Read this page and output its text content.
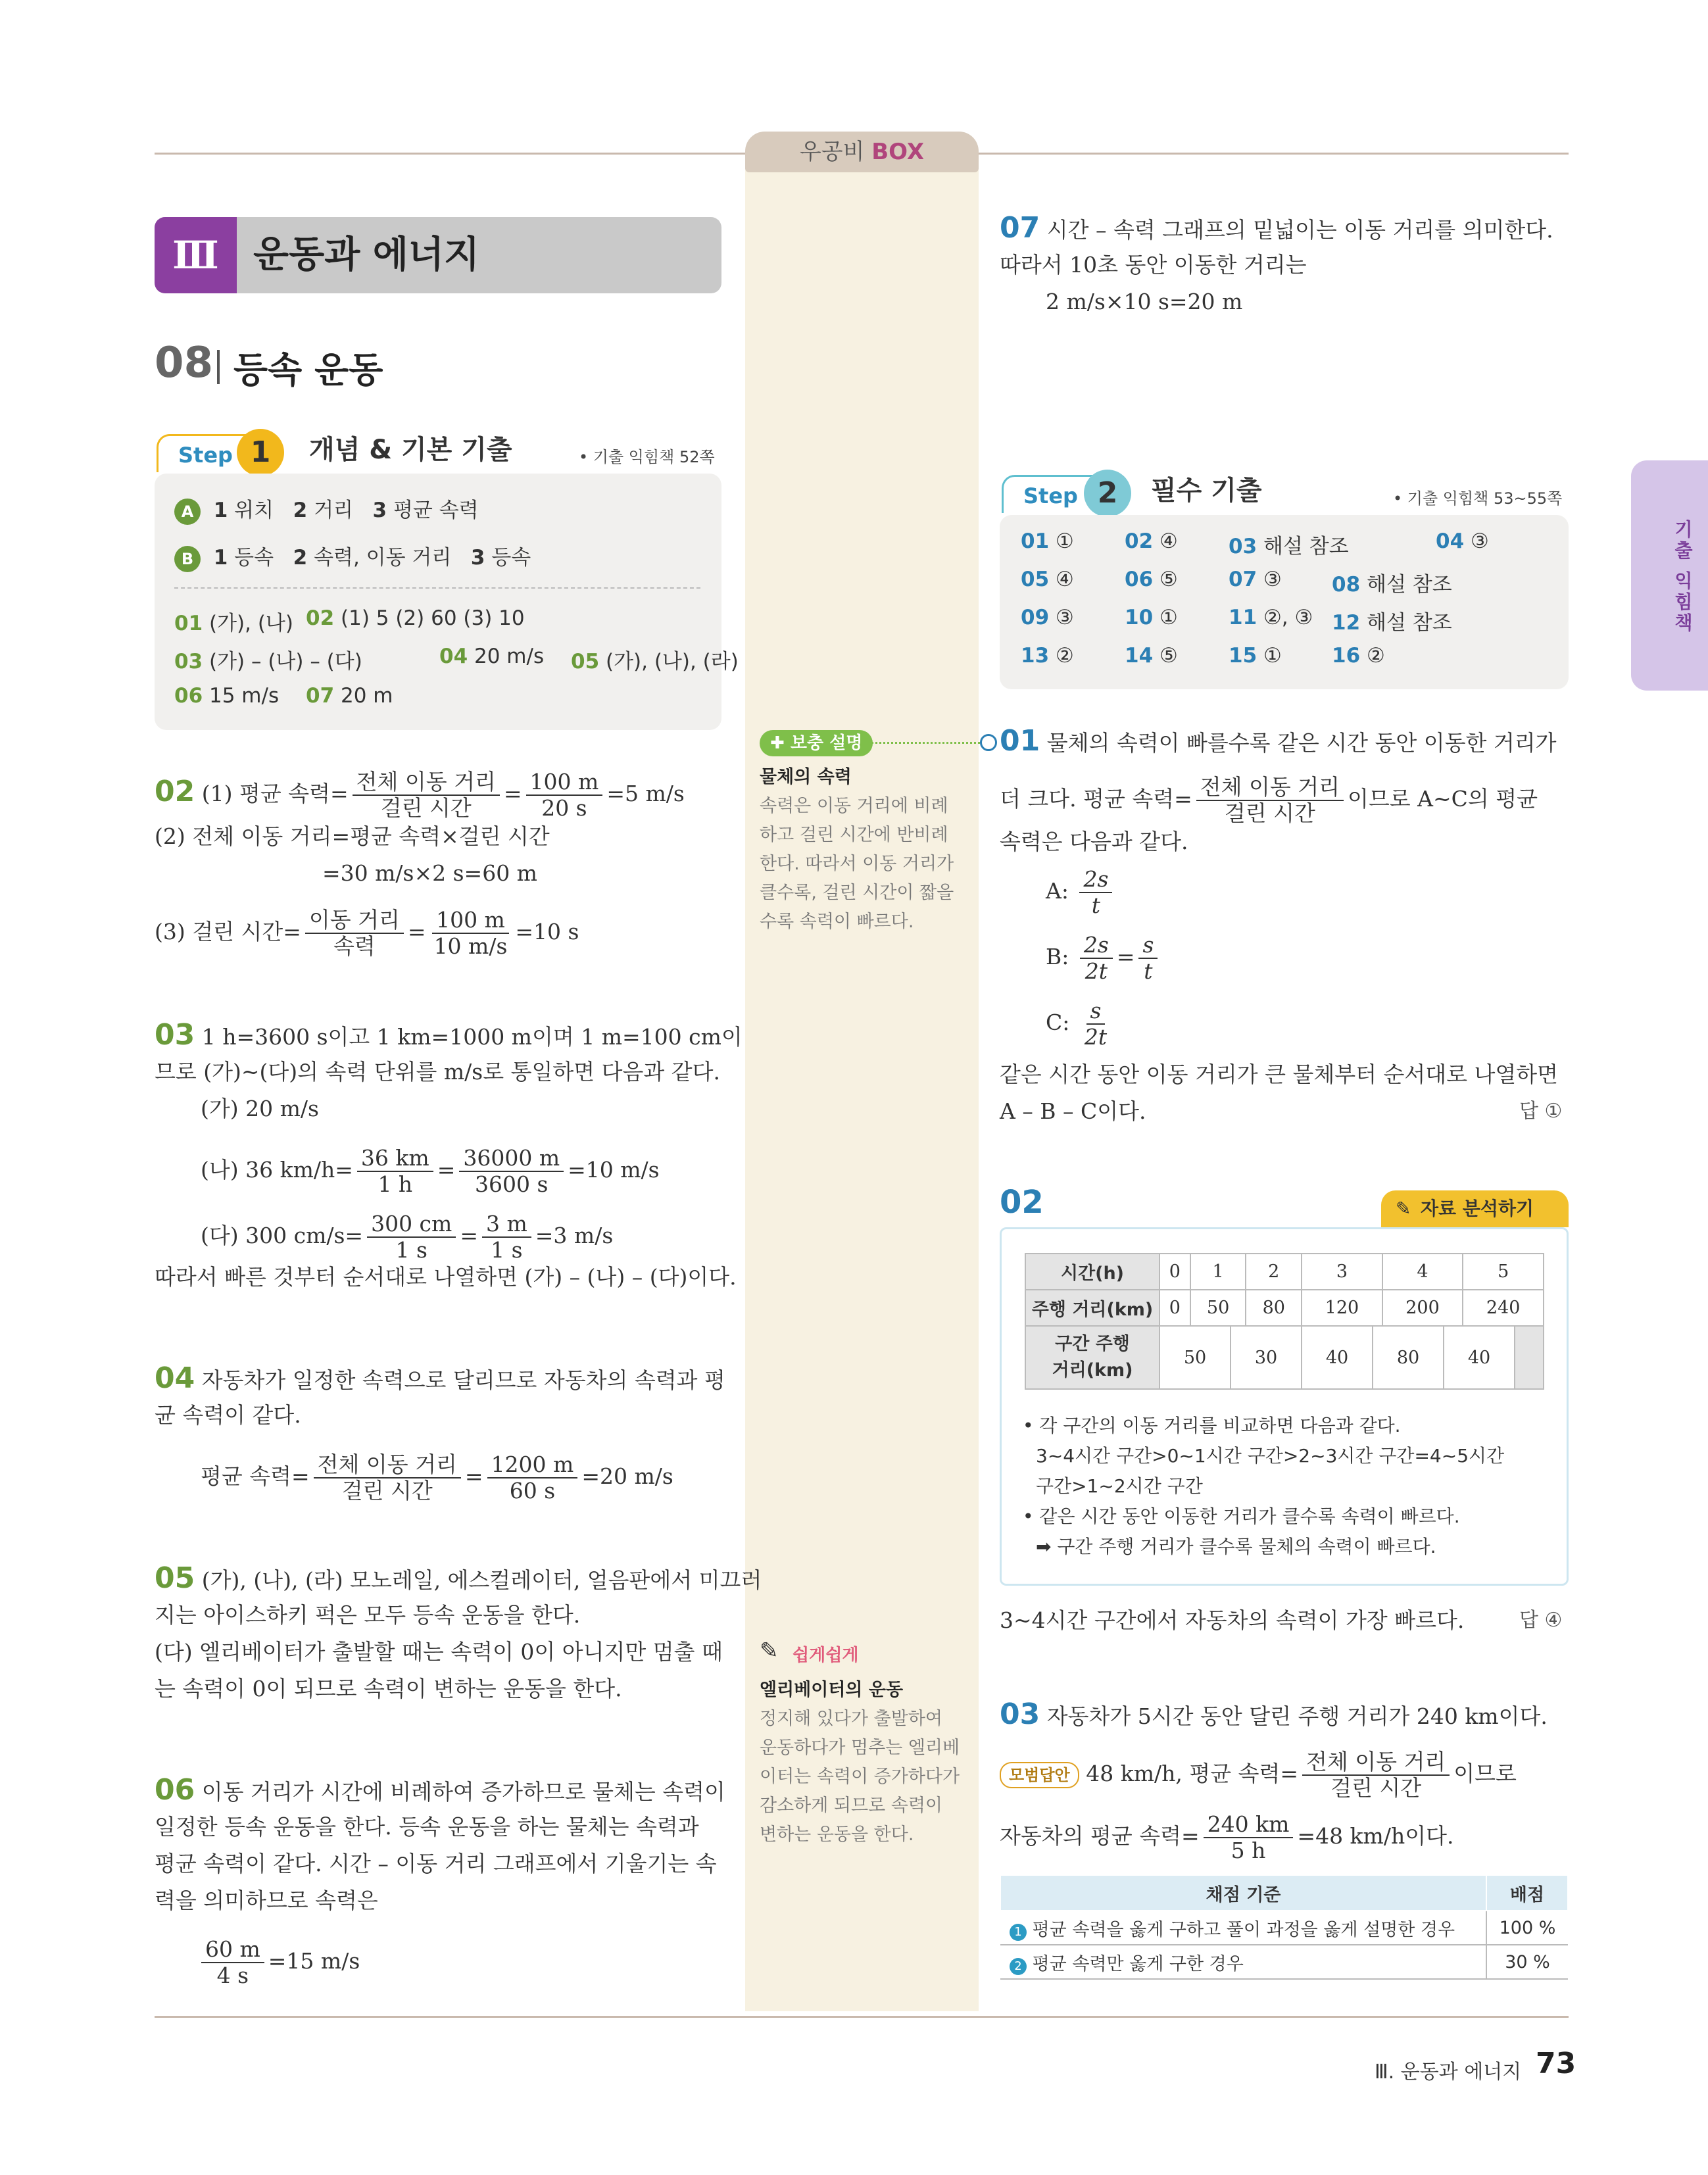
우공비 BOX
Ⅲ 운동과 에너지
08 등속 운동
Step 1	개념 & 기본 기출	• 기출 익힘책 52쪽
A 1 위치 2 거리 3 평균 속력
B 1 등속 2 속력, 이동 거리 3 등속
01 (가), (나) 02 (1) 5 (2) 60 (3) 10
03 (가) – (나) – (다)	04 20 m/s 05 (가), (나), (라)
06 15 m/s 07 20 m
02 (1) 평균 속력= 전체 이동 거리
걸린 시간
= $\frac{100 m}{20 s} =5$ m/s
(2) 전체 이동 거리=평균 속력×걸린 시간
=30 m/s×2 s=60 m
(3) 걸린 시간= 이동 거리
속력
= $\frac{100 m}{10 m/s} =10$ s
03 1 h=3600 s이고 1 km=1000 m이며 1 m=100 cm이
므로 (가)~(다)의 속력 단위를 m/s로 통일하면 다음과 같다.
(가) 20 m/s
(나) 36 $km/h= \frac{36 km}{1 h} = \frac{36000 m}{3600 s} =10$ m/s
(다) 300 $cm/s= \frac{300 cm}{1 s} = \frac{3 m}{1 s} =3$ m/s
따라서 빠른 것부터 순서대로 나열하면 (가) – (나) – (다)이다.
04 자동차가 일정한 속력으로 달리므로 자동차의 속력과 평
균 속력이 같다.
평균 속력= 전체 이동 거리
걸린 시간
= $\frac{1200 m}{60 s} =20$ m/s
05 (가), (나), (라) 모노레일, 에스컬레이터, 얼음판에서 미끄러
지는 아이스하키 퍽은 모두 등속 운동을 한다.
(다) 엘리베이터가 출발할 때는 속력이 0이 아니지만 멈출 때
는 속력이 0이 되므로 속력이 변하는 운동을 한다.
06 이동 거리가 시간에 비례하여 증가하므로 물체는 속력이
일정한 등속 운동을 한다. 등속 운동을 하는 물체는 속력과
평균 속력이 같다. 시간 – 이동 거리 그래프에서 기울기는 속
력을 의미하므로 속력은
$\frac{60 m}{4 s} =15$ m/s
✚ 보충 설명
물체의 속력
속력은 이동 거리에 비례
하고 걸린 시간에 반비례
한다. 따라서 이동 거리가
클수록, 걸린 시간이 짧을
수록 속력이 빠르다.
✎ 쉽게쉽게
엘리베이터의 운동
정지해 있다가 출발하여
운동하다가 멈추는 엘리베
이터는 속력이 증가하다가
감소하게 되므로 속력이
변하는 운동을 한다.
07 시간 – 속력 그래프의 밑넓이는 이동 거리를 의미한다.
따라서 10초 동안 이동한 거리는
2 m/s×10 s=20 m
Step 2	필수 기출	• 기출 익힘책 53~55쪽
01 ① 02 ④ 03 해설 참조	04 ③
05 ④ 06 ⑤ 07 ③ 08 해설 참조
09 ③ 10 ① 11 ②, ③ 12 해설 참조
13 ② 14 ⑤ 15 ① 16 ②
01 물체의 속력이 빠를수록 같은 시간 동안 이동한 거리가
더 크다. 평균 속력= 전체 이동 거리
걸린 시간
이므로 A~C의 평균
속력은 다음과 같다.
A: $\frac{2s}{t}$
B: $\frac{2s}{2t} = \frac{s}{t}$
C: $\frac{s}{2t}$
같은 시간 동안 이동 거리가 큰 물체부터 순서대로 나열하면
A – B – C이다.	답 ①
02	✎ 자료 분석하기
시간(h)	0	1	2	3	4	5
주행 거리(km)	0	50	80	120	200	240
구간 주행
거리(km)
	50	30	40	80	40	
• 각 구간의 이동 거리를 비교하면 다음과 같다.
3~4시간 구간>0~1시간 구간>2~3시간 구간=4~5시간
구간>1~2시간 구간
• 같은 시간 동안 이동한 거리가 클수록 속력이 빠르다.
➡ 구간 주행 거리가 클수록 물체의 속력이 빠르다.
3~4시간 구간에서 자동차의 속력이 가장 빠르다.	답 ④
03 자동차가 5시간 동안 달린 주행 거리가 240 km이다.
모범답안 48 km/h, 평균 속력= 전체 이동 거리
걸린 시간
이므로
자동차의 평균 속력= $\frac{240 km}{5 h} =48$ km/h이다.
채점 기준	배점
1 평균 속력을 옳게 구하고 풀이 과정을 옳게 설명한 경우	100 %
2 평균 속력만 옳게 구한 경우	30 %
기출 익힘책
Ⅲ. 운동과 에너지 73
